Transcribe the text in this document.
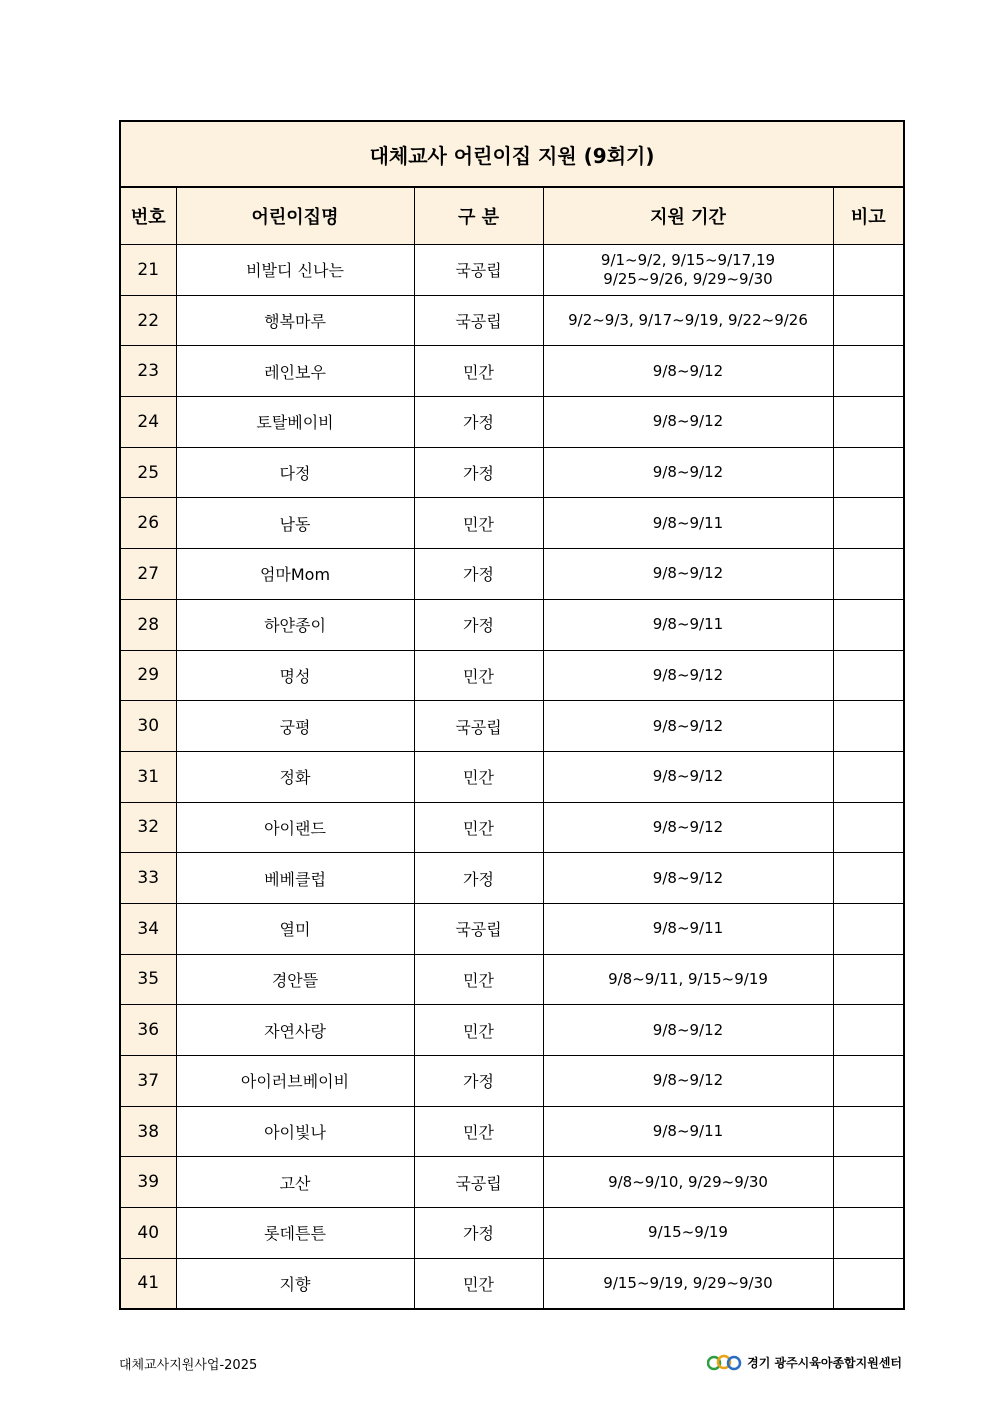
대체교사 어린이집 지원 (9회기)				
번호	어린이집명	구 분	지원 기간	비고
21	비발디 신나는	국공립	9/1~9/2, 9/15~9/17,19
9/25~9/26, 9/29~9/30	

22	행복마루	국공립	9/2~9/3, 9/17~9/19, 9/22~9/26	

23	레인보우	민간	9/8~9/12	

24	토탈베이비	가정	9/8~9/12	

25	다정	가정	9/8~9/12	

26	남동	민간	9/8~9/11	

27	엄마Mom	가정	9/8~9/12	

28	하얀종이	가정	9/8~9/11	

29	명성	민간	9/8~9/12	

30	궁평	국공립	9/8~9/12	

31	정화	민간	9/8~9/12	

32	아이랜드	민간	9/8~9/12	

33	베베클럽	가정	9/8~9/12	

34	열미	국공립	9/8~9/11	

35	경안뜰	민간	9/8~9/11, 9/15~9/19	

36	자연사랑	민간	9/8~9/12	

37	아이러브베이비	가정	9/8~9/12	

38	아이빛나	민간	9/8~9/11	

39	고산	국공립	9/8~9/10, 9/29~9/30	

40	롯데튼튼	가정	9/15~9/19	

41	지향	민간	9/15~9/19, 9/29~9/30	

대체교사지원사업-2025	경기 광주시육아종합지원센터
